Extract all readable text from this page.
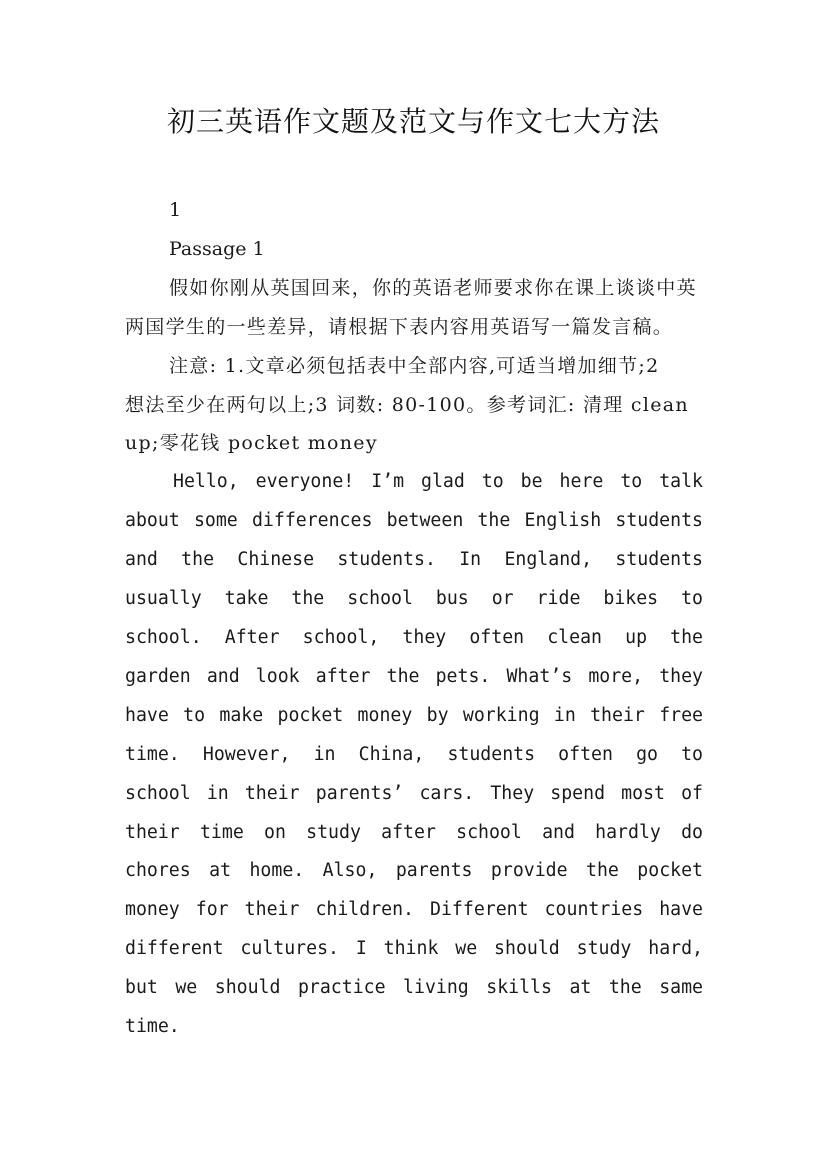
初三英语作文题及范文与作文七大方法

1

Passage 1

假如你刚从英国回来，你的英语老师要求你在课上谈谈中英两国学生的一些差异，请根据下表内容用英语写一篇发言稿。

注意: 1.文章必须包括表中全部内容,可适当增加细节;2

想法至少在两句以上;3 词数: 80-100。参考词汇: 清理 clean

up;零花钱 pocket money

Hello, everyone! I’m glad to be here to talk about some differences between the English students and the Chinese students. In England, students usually take the school bus or ride bikes to school. After school, they often clean up the garden and look after the pets. What’s more, they have to make pocket money by working in their free time. However, in China, students often go to school in their parents’ cars. They spend most of their time on study after school and hardly do chores at home. Also, parents provide the pocket money for their children. Different countries have different cultures. I think we should study hard, but we should practice living skills at the same time.
